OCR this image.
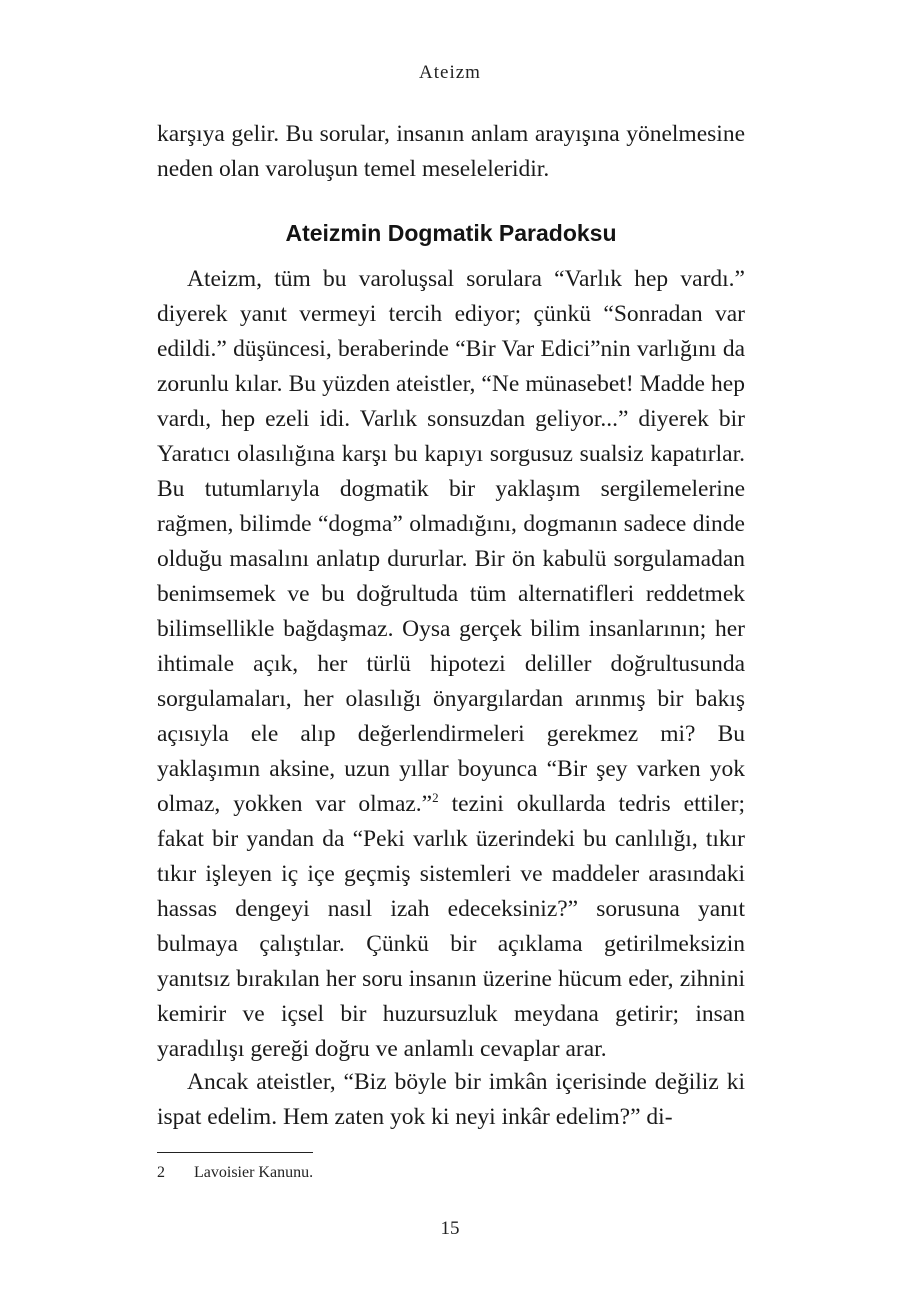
Ateizm

karşıya gelir. Bu sorular, insanın anlam arayışına yönelmesine neden olan varoluşun temel meseleleridir.

Ateizmin Dogmatik Paradoksu

Ateizm, tüm bu varoluşsal sorulara “Varlık hep vardı.” diyerek yanıt vermeyi tercih ediyor; çünkü “Sonradan var edildi.” düşüncesi, beraberinde “Bir Var Edici”nin varlığını da zorunlu kılar. Bu yüzden ateistler, “Ne münasebet! Madde hep vardı, hep ezeli idi. Varlık sonsuzdan geliyor...” diyerek bir Yaratıcı olasılığına karşı bu kapıyı sorgusuz sualsiz kapatırlar. Bu tutumlarıyla dogmatik bir yaklaşım sergilemelerine rağmen, bilimde “dogma” olmadığını, dogmanın sadece dinde olduğu masalını anlatıp dururlar. Bir ön kabulü sorgulamadan benimsemek ve bu doğrultuda tüm alternatifleri reddetmek bilimsellikle bağdaşmaz. Oysa gerçek bilim insanlarının; her ihtimale açık, her türlü hipotezi deliller doğrultusunda sorgulamaları, her olasılığı önyargılardan arınmış bir bakış açısıyla ele alıp değerlendirmeleri gerekmez mi? Bu yaklaşımın aksine, uzun yıllar boyunca “Bir şey varken yok olmaz, yokken var olmaz.”$^2$ tezini okullarda tedris ettiler; fakat bir yandan da “Peki varlık üzerindeki bu canlılığı, tıkır tıkır işleyen iç içe geçmiş sistemleri ve maddeler arasındaki hassas dengeyi nasıl izah edeceksiniz?” sorusuna yanıt bulmaya çalıştılar. Çünkü bir açıklama getirilmeksizin yanıtsız bırakılan her soru insanın üzerine hücum eder, zihnini kemirir ve içsel bir huzursuzluk meydana getirir; insan yaradılışı gereği doğru ve anlamlı cevaplar arar.

Ancak ateistler, “Biz böyle bir imkân içerisinde değiliz ki ispat edelim. Hem zaten yok ki neyi inkâr edelim?” di-

2 Lavoisier Kanunu.
15
